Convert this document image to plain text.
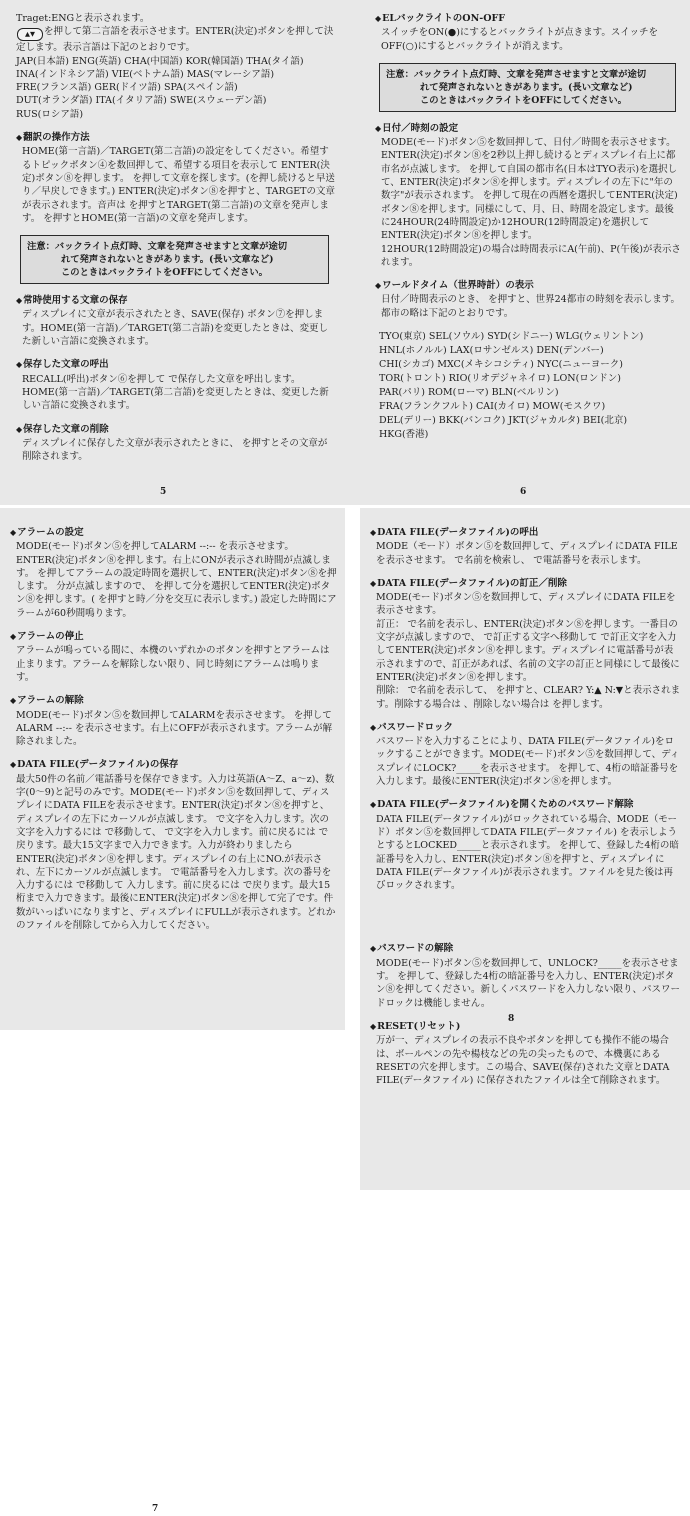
Traget:ENGと表示されます。

▲▼ を押して第二言語を表示させます。ENTER(決定)ボタンを押して決定します。表示言語は下記のとおりです。

JAP(日本語) ENG(英語) CHA(中国語) KOR(韓国語) THA(タイ語)
INA(インドネシア語) VIE(ベトナム語) MAS(マレーシア語)
FRE(フランス語) GER(ドイツ語) SPA(スペイン語)
DUT(オランダ語) ITA(イタリア語) SWE(スウェーデン語)
RUS(ロシア語)
◆翻訳の操作方法

HOME(第一言語)／TARGET(第二言語)の設定をしてください。希望するトピックボタン④を数回押して、希望する項目を表示して ENTER(決定)ボタン⑧を押します。 を押して文章を探します。(を押し続けると早送り／早戻しできます。) ENTER(決定)ボタン⑧を押すと、TARGETの文章が表示されます。音声は を押すとTARGET(第二言語)の文章を発声します。 を押すとHOME(第一言語)の文章を発声します。

注意：バックライト点灯時、文章を発声させますと文章が途切
れて発声されないときがあります。(長い文章など)
このときはバックライトをOFFにしてください。
◆常時使用する文章の保存

ディスプレイに文章が表示されたとき、SAVE(保存) ボタン⑦を押します。HOME(第一言語)／TARGET(第二言語)を変更したときは、変更した新しい言語に変換されます。

◆保存した文章の呼出

RECALL(呼出)ボタン⑥を押して で保存した文章を呼出します。HOME(第一言語)／TARGET(第二言語)を変更したときは、変更した新しい言語に変換されます。

◆保存した文章の削除

ディスプレイに保存した文章が表示されたときに、 を押すとその文章が削除されます。

5
◆ELバックライトのON-OFF

スイッチをON(●)にするとバックライトが点きます。スイッチをOFF(○)にするとバックライトが消えます。

注意：バックライト点灯時、文章を発声させますと文章が途切
れて発声されないときがあります。(長い文章など)
このときはバックライトをOFFにしてください。
◆日付／時刻の設定

MODE(モード)ボタン⑤を数回押して、日付／時間を表示させます。ENTER(決定)ボタン⑧を2秒以上押し続けるとディスプレイ右上に都市名が点滅します。 を押して自国の都市名(日本はTYO表示)を選択して、ENTER(決定)ボタン⑧を押します。ディスプレイの左下に"年の数字"が表示されます。 を押して現在の西暦を選択してENTER(決定)ボタン⑧を押します。同様にして、月、日、時間を設定します。最後に24HOUR(24時間設定)か12HOUR(12時間設定)を選択してENTER(決定)ボタン⑧を押します。

12HOUR(12時間設定)の場合は時間表示にA(午前)、P(午後)が表示されます。

◆ワールドタイム（世界時計）の表示

日付／時間表示のとき、 を押すと、世界24都市の時刻を表示します。都市の略は下記のとおりです。

TYO(東京) SEL(ソウル) SYD(シドニー) WLG(ウェリントン)
HNL(ホノルル) LAX(ロサンゼルス) DEN(デンバー)
CHI(シカゴ) MXC(メキシコシティ) NYC(ニューヨーク)
TOR(トロント) RIO(リオデジャネイロ) LON(ロンドン)
PAR(パリ) ROM(ローマ) BLN(ベルリン)
FRA(フランクフルト) CAI(カイロ) MOW(モスクワ)
DEL(デリー) BKK(バンコク) JKT(ジャカルタ) BEI(北京)
HKG(香港)
6
◆アラームの設定

MODE(モード)ボタン⑤を押してALARM --:-- を表示させます。ENTER(決定)ボタン⑧を押します。右上にONが表示され時間が点滅します。 を押してアラームの設定時間を選択して、ENTER(決定)ボタン⑧を押します。 分が点滅しますので、 を押して分を選択してENTER(決定)ボタン⑧を押します。( を押すと時／分を交互に表示します。) 設定した時間にアラームが60秒間鳴ります。

◆アラームの停止

アラームが鳴っている間に、本機のいずれかのボタンを押すとアラームは止まります。アラームを解除しない限り、同じ時刻にアラームは鳴ります。

◆アラームの解除

MODE(モード)ボタン⑤を数回押してALARMを表示させます。 を押してALARM --:-- を表示させます。右上にOFFが表示されます。アラームが解除されました。

◆DATA FILE(データファイル)の保存

最大50件の名前／電話番号を保存できます。入力は英語(A〜Z、a〜z)、数字(0〜9)と記号のみです。MODE(モード)ボタン⑤を数回押して、ディスプレイにDATA FILEを表示させます。ENTER(決定)ボタン⑧を押すと、ディスプレイの左下にカーソルが点滅します。 で文字を入力します。次の文字を入力するには で移動して、 で文字を入力します。前に戻るには で戻ります。最大15文字まで入力できます。入力が終わりましたらENTER(決定)ボタン⑧を押します。ディスプレイの右上にNO.が表示され、左下にカーソルが点滅します。 で電話番号を入力します。次の番号を入力するには で移動して 入力します。前に戻るには で戻ります。最大15桁まで入力できます。最後にENTER(決定)ボタン⑧を押して完了です。件数がいっぱいになりますと、ディスプレイにFULLが表示されます。どれかのファイルを削除してから入力してください。

7
◆DATA FILE(データファイル)の呼出

MODE（モード）ボタン⑤を数回押して、ディスプレイにDATA FILEを表示させます。 で名前を検索し、 で電話番号を表示します。

◆DATA FILE(データファイル)の訂正／削除

MODE(モード)ボタン⑤を数回押して、ディスプレイにDATA FILEを表示させます。

訂正： で名前を表示し、ENTER(決定)ボタン⑧を押します。一番目の文字が点滅しますので、 で訂正する文字へ移動して で訂正文字を入力してENTER(決定)ボタン⑧を押します。ディスプレイに電話番号が表示されますので、訂正があれば、名前の文字の訂正と同様にして最後にENTER(決定)ボタン⑧を押します。

削除： で名前を表示して、 を押すと、CLEAR? Y:▲ N:▼と表示されます。削除する場合は 、削除しない場合は を押します。

◆パスワードロック

パスワードを入力することにより、DATA FILE(データファイル)をロックすることができます。MODE(モード)ボタン⑤を数回押して、ディスプレイにLOCK?_____を表示させます。 を押して、4桁の暗証番号を入力します。最後にENTER(決定)ボタン⑧を押します。

◆DATA FILE(データファイル)を開くためのパスワード解除

DATA FILE(データファイル)がロックされている場合、MODE（モード）ボタン⑤を数回押してDATA FILE(データファイル) を表示しようとするとLOCKED_____と表示されます。 を押して、登録した4桁の暗証番号を入力し、ENTER(決定)ボタン⑧を押すと、ディスプレイにDATA FILE(データファイル)が表示されます。ファイルを見た後は再びロックされます。

8
◆パスワードの解除

MODE(モード)ボタン⑤を数回押して、UNLOCK?_____を表示させます。 を押して、登録した4桁の暗証番号を入力し、ENTER(決定)ボタン⑧を押してください。新しくパスワードを入力しない限り、パスワードロックは機能しません。

◆RESET(リセット)

万が一、ディスプレイの表示不良やボタンを押しても操作不能の場合は、ボールペンの先や楊枝などの先の尖ったもので、本機裏にあるRESETの穴を押します。この場合、SAVE(保存)された文章とDATA FILE(データファイル) に保存されたファイルは全て削除されます。
